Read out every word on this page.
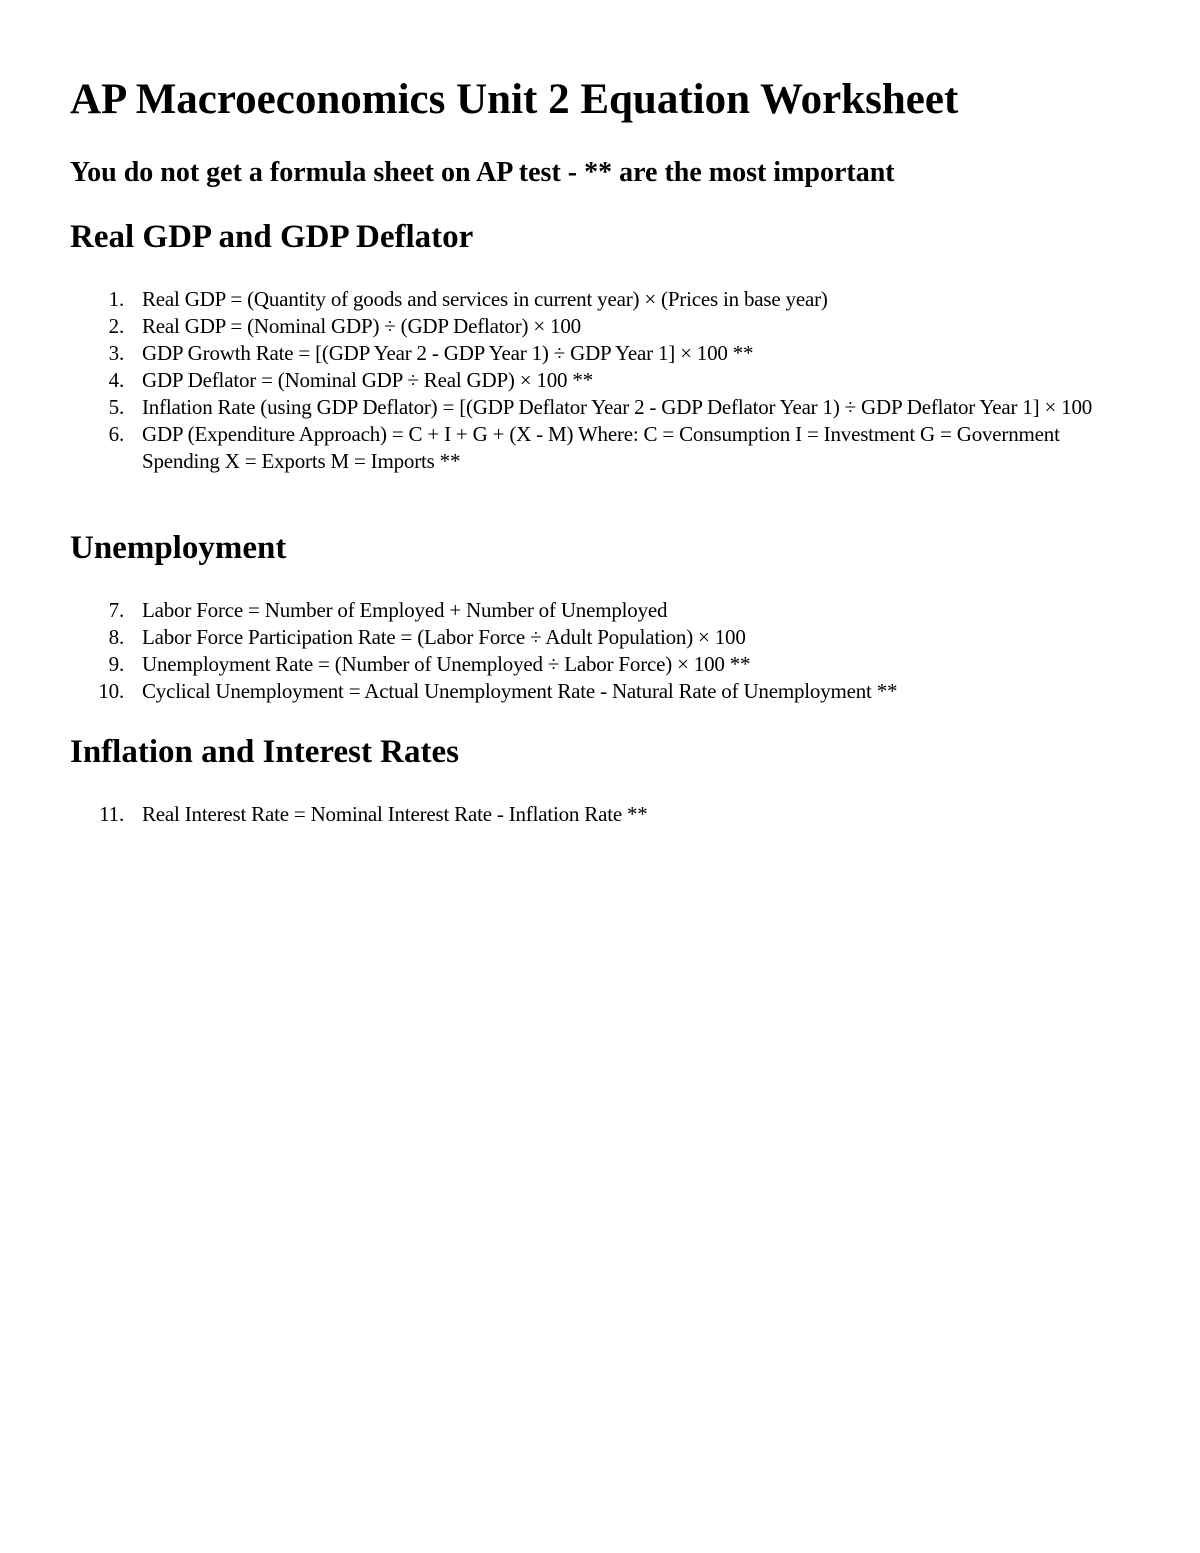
AP Macroeconomics Unit 2 Equation Worksheet
You do not get a formula sheet on AP test - ** are the most important
Real GDP and GDP Deflator
1. Real GDP = (Quantity of goods and services in current year) × (Prices in base year)
2. Real GDP = (Nominal GDP) ÷ (GDP Deflator) × 100
3. GDP Growth Rate = [(GDP Year 2 - GDP Year 1) ÷ GDP Year 1] × 100 **
4. GDP Deflator = (Nominal GDP ÷ Real GDP) × 100 **
5. Inflation Rate (using GDP Deflator) = [(GDP Deflator Year 2 - GDP Deflator Year 1) ÷ GDP Deflator Year 1] × 100
6. GDP (Expenditure Approach) = C + I + G + (X - M) Where: C = Consumption I = Investment G = Government Spending X = Exports M = Imports **
Unemployment
7. Labor Force = Number of Employed + Number of Unemployed
8. Labor Force Participation Rate = (Labor Force ÷ Adult Population) × 100
9. Unemployment Rate = (Number of Unemployed ÷ Labor Force) × 100 **
10. Cyclical Unemployment = Actual Unemployment Rate - Natural Rate of Unemployment **
Inflation and Interest Rates
11. Real Interest Rate = Nominal Interest Rate - Inflation Rate **
